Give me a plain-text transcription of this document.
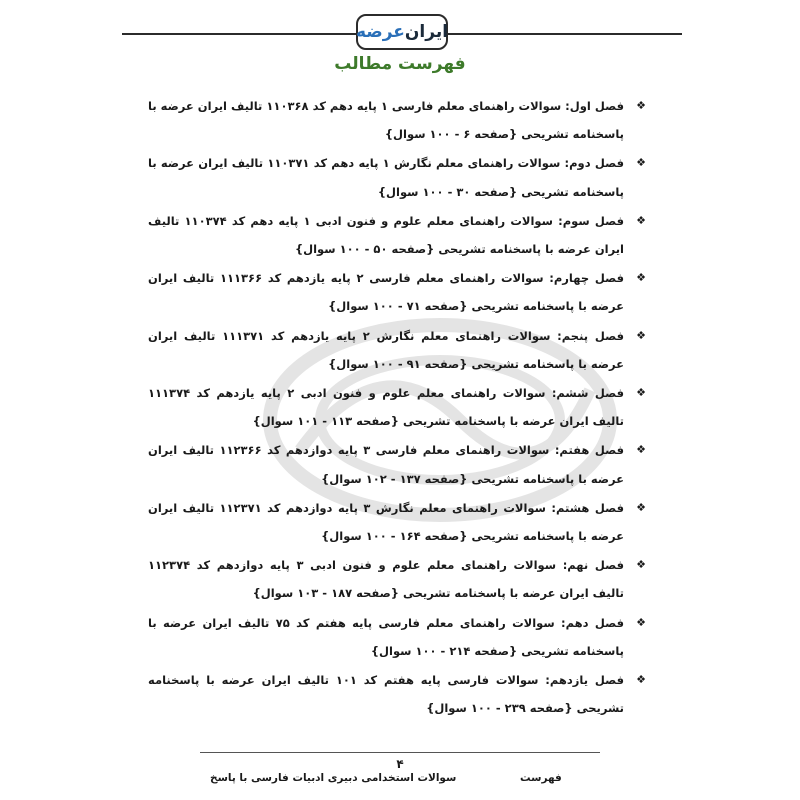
ایران
عرضه
فهرست مطالب
❖
فصل اول: سوالات راهنمای معلم فارسی ۱ پایه دهم کد ۱۱۰۳۶۸ تالیف ایران عرضه با پاسخنامه تشریحی {صفحه ۶ - ۱۰۰ سوال}
❖
فصل دوم: سوالات راهنمای معلم نگارش ۱ پایه دهم کد ۱۱۰۳۷۱ تالیف ایران عرضه با پاسخنامه تشریحی {صفحه ۳۰ - ۱۰۰ سوال}
❖
فصل سوم: سوالات راهنمای معلم علوم و فنون ادبی ۱ پایه دهم کد ۱۱۰۳۷۴ تالیف ایران عرضه با پاسخنامه تشریحی {صفحه ۵۰ - ۱۰۰ سوال}
❖
فصل چهارم: سوالات راهنمای معلم فارسی ۲ پایه یازدهم کد ۱۱۱۳۶۶ تالیف ایران عرضه با پاسخنامه تشریحی {صفحه ۷۱ - ۱۰۰ سوال}
❖
فصل پنجم: سوالات راهنمای معلم نگارش ۲ پایه یازدهم کد ۱۱۱۳۷۱ تالیف ایران عرضه با پاسخنامه تشریحی {صفحه ۹۱ - ۱۰۰ سوال}
❖
فصل ششم: سوالات راهنمای معلم علوم و فنون ادبی ۲ پایه یازدهم کد ۱۱۱۳۷۴ تالیف ایران عرضه با پاسخنامه تشریحی {صفحه ۱۱۳ - ۱۰۱ سوال}
❖
فصل هفتم: سوالات راهنمای معلم فارسی ۳ پایه دوازدهم کد ۱۱۲۳۶۶ تالیف ایران عرضه با پاسخنامه تشریحی {صفحه ۱۳۷ - ۱۰۲ سوال}
❖
فصل هشتم: سوالات راهنمای معلم نگارش ۳ پایه دوازدهم کد ۱۱۲۳۷۱ تالیف ایران عرضه با پاسخنامه تشریحی {صفحه ۱۶۴ - ۱۰۰ سوال}
❖
فصل نهم: سوالات راهنمای معلم علوم و فنون ادبی ۳ پایه دوازدهم کد ۱۱۲۳۷۴ تالیف ایران عرضه با پاسخنامه تشریحی {صفحه ۱۸۷ - ۱۰۳ سوال}
❖
فصل دهم: سوالات راهنمای معلم فارسی پایه هفتم کد ۷۵ تالیف ایران عرضه با پاسخنامه تشریحی {صفحه ۲۱۴ - ۱۰۰ سوال}
❖
فصل یازدهم: سوالات فارسی پایه هفتم کد ۱۰۱ تالیف ایران عرضه با پاسخنامه تشریحی {صفحه ۲۳۹ - ۱۰۰ سوال}
۴
سوالات استخدامی دبیری ادبیات فارسی با پاسخ	فهرست
